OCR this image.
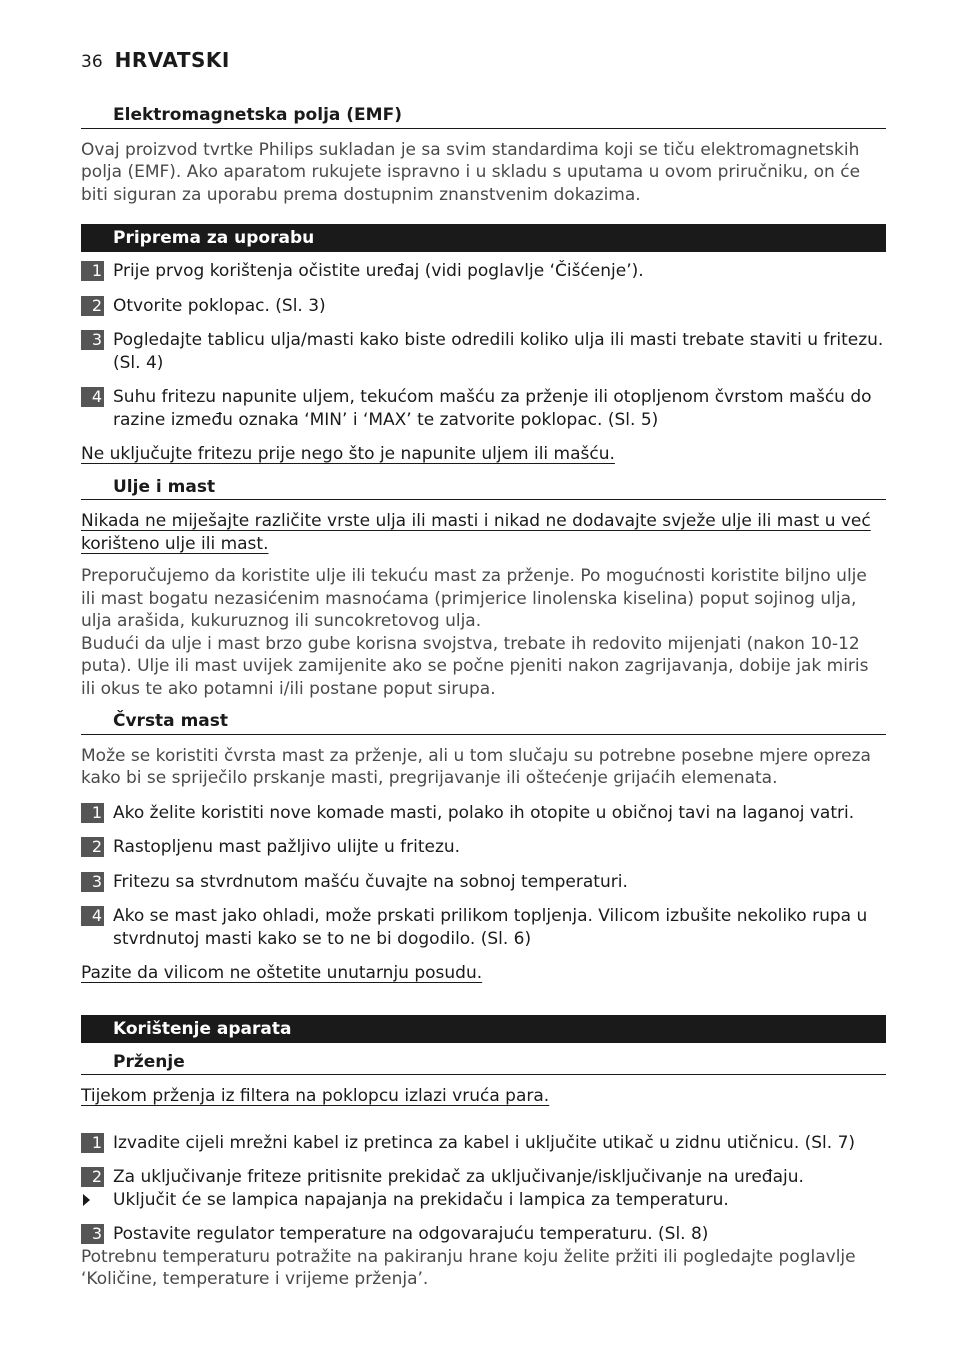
36 HRVATSKI
Elektromagnetska polja (EMF)

Ovaj proizvod tvrtke Philips sukladan je sa svim standardima koji se tiču elektromagnetskih polja (EMF). Ako aparatom rukujete ispravno i u skladu s uputama u ovom priručniku, on će biti siguran za uporabu prema dostupnim znanstvenim dokazima.

Priprema za uporabu
1 Prije prvog korištenja očistite uređaj (vidi poglavlje ‘Čišćenje’).
2 Otvorite poklopac. (Sl. 3)
3 Pogledajte tablicu ulja/masti kako biste odredili koliko ulja ili masti trebate staviti u fritezu. (Sl. 4)
4 Suhu fritezu napunite uljem, tekućom mašću za prženje ili otopljenom čvrstom mašću do razine između oznaka ‘MIN’ i ‘MAX’ te zatvorite poklopac. (Sl. 5)

Ne uključujte fritezu prije nego što je napunite uljem ili mašću.

Ulje i mast

Nikada ne miješajte različite vrste ulja ili masti i nikad ne dodavajte svježe ulje ili mast u već korišteno ulje ili mast.

Preporučujemo da koristite ulje ili tekuću mast za prženje. Po mogućnosti koristite biljno ulje ili mast bogatu nezasićenim masnoćama (primjerice linolenska kiselina) poput sojinog ulja, ulja arašida, kukuruznog ili suncokretovog ulja.

Budući da ulje i mast brzo gube korisna svojstva, trebate ih redovito mijenjati (nakon 10-12 puta). Ulje ili mast uvijek zamijenite ako se počne pjeniti nakon zagrijavanja, dobije jak miris ili okus te ako potamni i/ili postane poput sirupa.

Čvrsta mast

Može se koristiti čvrsta mast za prženje, ali u tom slučaju su potrebne posebne mjere opreza kako bi se spriječilo prskanje masti, pregrijavanje ili oštećenje grijaćih elemenata.

1 Ako želite koristiti nove komade masti, polako ih otopite u običnoj tavi na laganoj vatri.
2 Rastopljenu mast pažljivo ulijte u fritezu.
3 Fritezu sa stvrdnutom mašću čuvajte na sobnoj temperaturi.
4 Ako se mast jako ohladi, može prskati prilikom topljenja. Vilicom izbušite nekoliko rupa u stvrdnutoj masti kako se to ne bi dogodilo. (Sl. 6)

Pazite da vilicom ne oštetite unutarnju posudu.

Korištenje aparata
Prženje

Tijekom prženja iz filtera na poklopcu izlazi vruća para.

1 Izvadite cijeli mrežni kabel iz pretinca za kabel i uključite utikač u zidnu utičnicu. (Sl. 7)
2 Za uključivanje friteze pritisnite prekidač za uključivanje/isključivanje na uređaju.
Uključit će se lampica napajanja na prekidaču i lampica za temperaturu.
3 Postavite regulator temperature na odgovarajuću temperaturu. (Sl. 8)

Potrebnu temperaturu potražite na pakiranju hrane koju želite pržiti ili pogledajte poglavlje ‘Količine, temperature i vrijeme prženja’.
